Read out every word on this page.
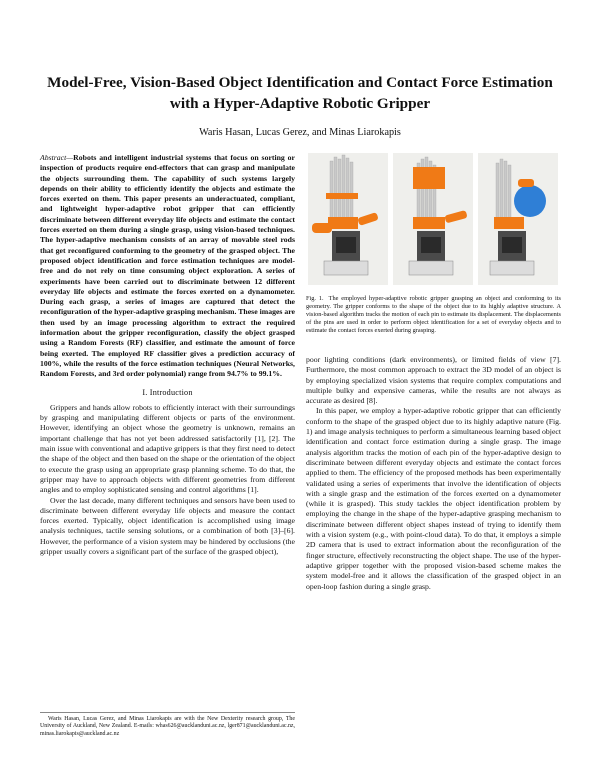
Model-Free, Vision-Based Object Identification and Contact Force Estimation with a Hyper-Adaptive Robotic Gripper
Waris Hasan, Lucas Gerez, and Minas Liarokapis

Abstract—Robots and intelligent industrial systems that focus on sorting or inspection of products require end-effectors that can grasp and manipulate the objects surrounding them. The capability of such systems largely depends on their ability to efficiently identify the objects and estimate the forces exerted on them. This paper presents an underactuated, compliant, and lightweight hyper-adaptive robot gripper that can efficiently discriminate between different everyday life objects and estimate the contact forces exerted on them during a single grasp, using vision-based techniques. The hyper-adaptive mechanism consists of an array of movable steel rods that get reconfigured conforming to the geometry of the grasped object. The proposed object identification and force estimation techniques are model-free and do not rely on time consuming object exploration. A series of experiments have been carried out to discriminate between 12 different everyday life objects and estimate the forces exerted on a dynamometer. During each grasp, a series of images are captured that detect the reconfiguration of the hyper-adaptive grasping mechanism. These images are then used by an image processing algorithm to extract the required information about the gripper reconfiguration, classify the object grasped using a Random Forests (RF) classifier, and estimate the amount of force being exerted. The employed RF classifier gives a prediction accuracy of 100%, while the results of the force estimation techniques (Neural Networks, Random Forests, and 3rd order polynomial) range from 94.7% to 99.1%.

I. Introduction

Grippers and hands allow robots to efficiently interact with their surroundings by grasping and manipulating different objects or parts of the environment. However, identifying an object whose the geometry is unknown, remains an important challenge that has not yet been addressed satisfactorily [1], [2]. The main issue with conventional and adaptive grippers is that they first need to detect the shape of the object and then based on the shape or the orientation of the object to execute the grasp using an appropriate grasp planning scheme. To do that, the gripper may have to approach objects with different geometries from different angles and to employ sophisticated sensing and control algorithms [1].

Over the last decade, many different techniques and sensors have been used to discriminate between different everyday life objects and measure the contact forces exerted. Typically, object identification is accomplished using image analysis techniques, tactile sensing solutions, or a combination of both [3]–[6]. However, the performance of a vision system may be hindered by occlusions (the gripper usually covers a significant part of the surface of the grasped object),

Waris Hasan, Lucas Gerez, and Minas Liarokapis are with the New Dexterity research group, The University of Auckland, New Zealand. E-mails: whas626@aucklanduni.ac.nz, lger871@aucklanduni.ac.nz, minas.liarokapis@auckland.ac.nz

Fig. 1. The employed hyper-adaptive robotic gripper grasping an object and conforming to its geometry. The gripper conforms to the shape of the object due to its highly adaptive structure. A vision-based algorithm tracks the motion of each pin to estimate its displacement. The displacements of the pins are used in order to perform object identification for a set of everyday objects and to estimate the contact forces exerted during grasping.

poor lighting conditions (dark environments), or limited fields of view [7]. Furthermore, the most common approach to extract the 3D model of an object is by employing specialized vision systems that require complex computations and multiple bulky and expensive cameras, while the results are not always as accurate as desired [8].

In this paper, we employ a hyper-adaptive robotic gripper that can efficiently conform to the shape of the grasped object due to its highly adaptive nature (Fig. 1) and image analysis techniques to perform a simultaneous learning based object identification and contact force estimation during a single grasp. The image analysis algorithm tracks the motion of each pin of the hyper-adaptive design to discriminate between different everyday objects and estimate the contact forces applied to them. The efficiency of the proposed methods has been experimentally validated using a series of experiments that involve the identification of objects with a single grasp and the estimation of the forces exerted on a dynamometer (while it is grasped). This study tackles the object identification problem by employing the change in the shape of the hyper-adaptive grasping mechanism to discriminate between different object shapes instead of trying to identify them with a vision system (e.g., with point-cloud data). To do that, it employs a simple 2D camera that is used to extract information about the reconfiguration of the finger structure, effectively reconstructing the object shape. The use of the hyper-adaptive gripper together with the proposed vision-based scheme makes the system model-free and it allows the classification of the grasped object in an open-loop fashion during a single grasp.
